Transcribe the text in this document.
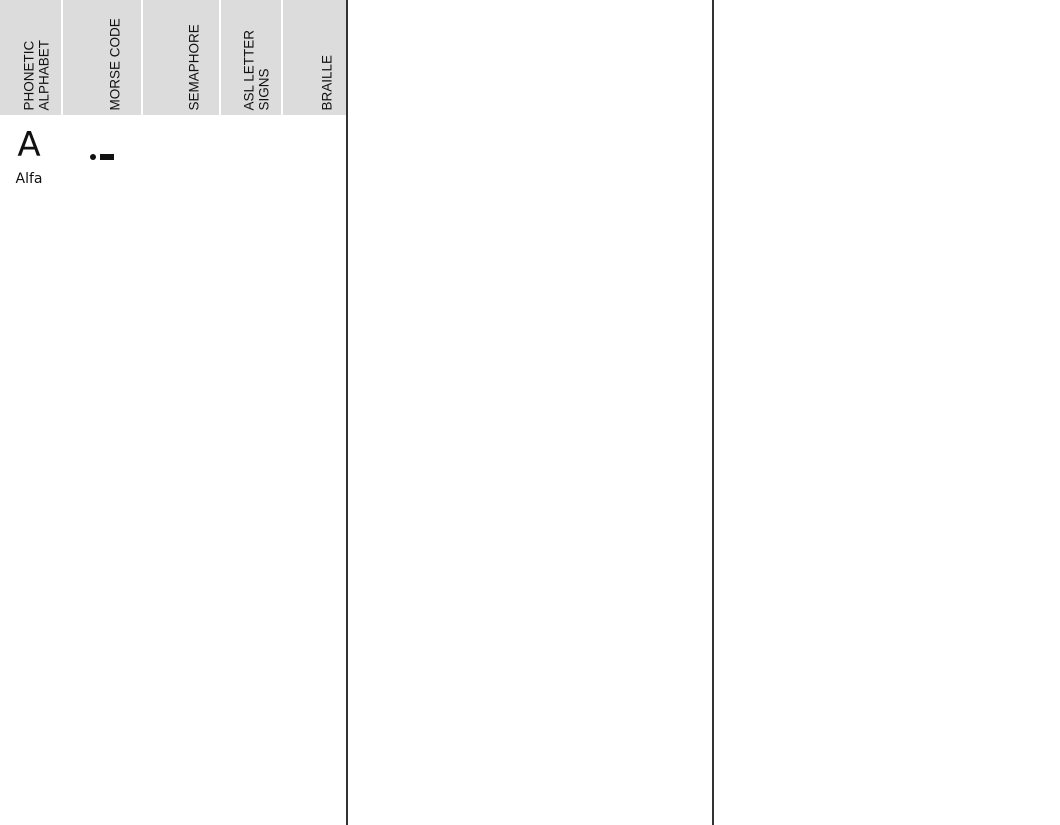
PHONETIC ALPHABET	MORSE CODE	SEMAPHORE	ASL LETTER SIGNS	BRAILLE
A
Alfa
